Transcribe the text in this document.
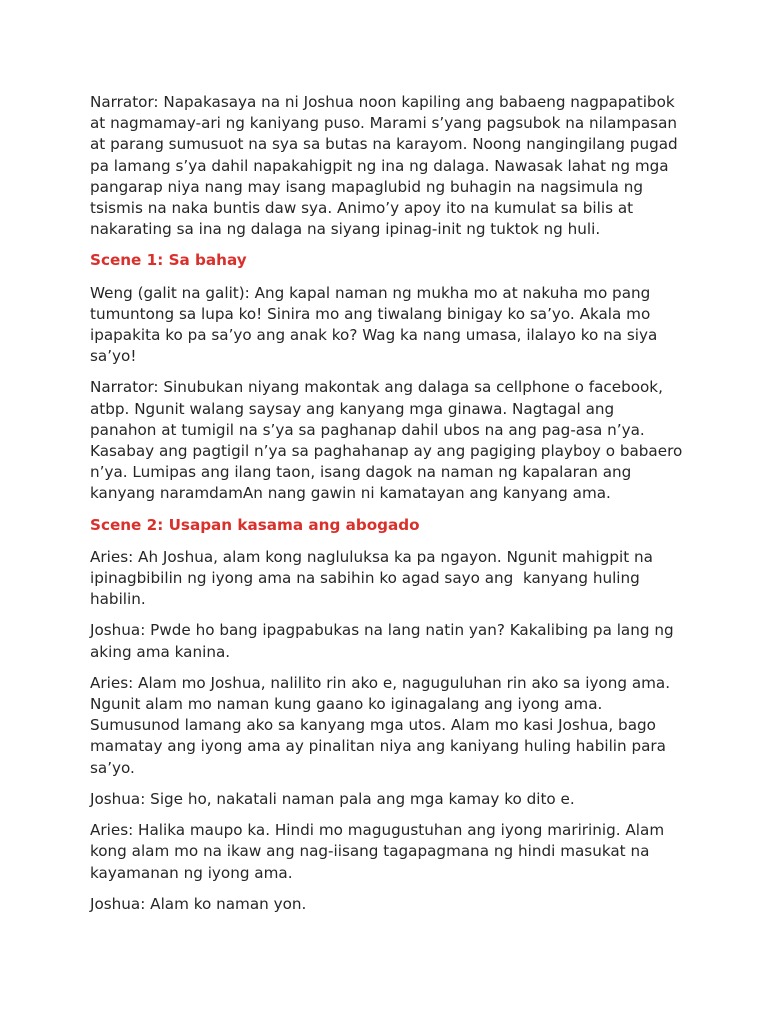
Narrator: Napakasaya na ni Joshua noon kapiling ang babaeng nagpapatibok
at nagmamay-ari ng kaniyang puso. Marami s’yang pagsubok na nilampasan
at parang sumusuot na sya sa butas na karayom. Noong nangingilang pugad
pa lamang s’ya dahil napakahigpit ng ina ng dalaga. Nawasak lahat ng mga
pangarap niya nang may isang mapaglubid ng buhagin na nagsimula ng
tsismis na naka buntis daw sya. Animo’y apoy ito na kumulat sa bilis at
nakarating sa ina ng dalaga na siyang ipinag-init ng tuktok ng huli.

Scene 1: Sa bahay

Weng (galit na galit): Ang kapal naman ng mukha mo at nakuha mo pang
tumuntong sa lupa ko! Sinira mo ang tiwalang binigay ko sa’yo. Akala mo
ipapakita ko pa sa’yo ang anak ko? Wag ka nang umasa, ilalayo ko na siya
sa’yo!

Narrator: Sinubukan niyang makontak ang dalaga sa cellphone o facebook,
atbp. Ngunit walang saysay ang kanyang mga ginawa. Nagtagal ang
panahon at tumigil na s’ya sa paghanap dahil ubos na ang pag-asa n’ya.
Kasabay ang pagtigil n’ya sa paghahanap ay ang pagiging playboy o babaero
n’ya. Lumipas ang ilang taon, isang dagok na naman ng kapalaran ang
kanyang naramdamAn nang gawin ni kamatayan ang kanyang ama.

Scene 2: Usapan kasama ang abogado

Aries: Ah Joshua, alam kong nagluluksa ka pa ngayon. Ngunit mahigpit na
ipinagbibilin ng iyong ama na sabihin ko agad sayo ang  kanyang huling
habilin.

Joshua: Pwde ho bang ipagpabukas na lang natin yan? Kakalibing pa lang ng
aking ama kanina.

Aries: Alam mo Joshua, nalilito rin ako e, naguguluhan rin ako sa iyong ama.
Ngunit alam mo naman kung gaano ko iginagalang ang iyong ama.
Sumusunod lamang ako sa kanyang mga utos. Alam mo kasi Joshua, bago
mamatay ang iyong ama ay pinalitan niya ang kaniyang huling habilin para
sa’yo.

Joshua: Sige ho, nakatali naman pala ang mga kamay ko dito e.

Aries: Halika maupo ka. Hindi mo magugustuhan ang iyong maririnig. Alam
kong alam mo na ikaw ang nag-iisang tagapagmana ng hindi masukat na
kayamanan ng iyong ama.

Joshua: Alam ko naman yon.
